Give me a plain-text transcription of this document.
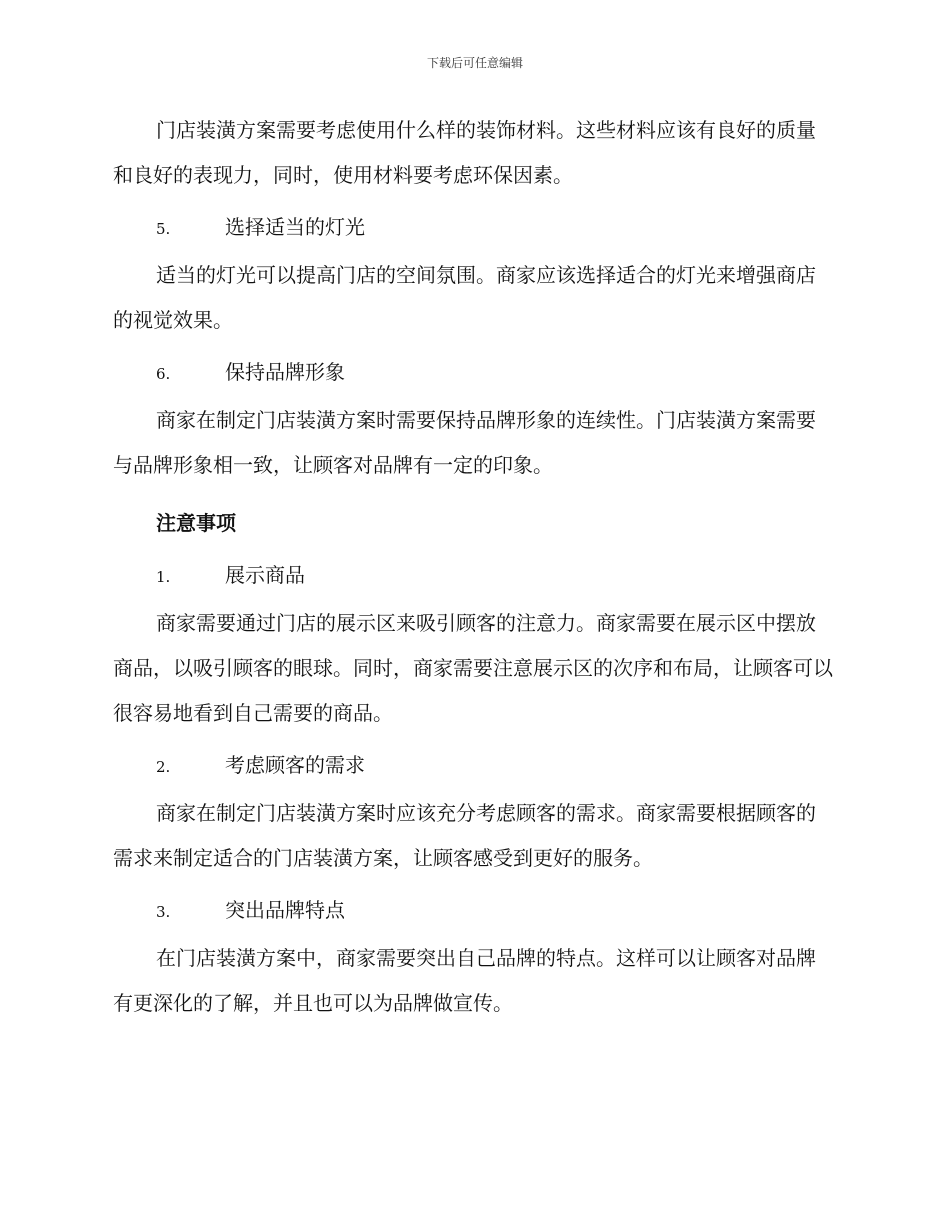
下载后可任意编辑

门店装潢方案需要考虑使用什么样的装饰材料。这些材料应该有良好的质量和良好的表现力，同时，使用材料要考虑环保因素。

5.	选择适当的灯光

适当的灯光可以提高门店的空间氛围。商家应该选择适合的灯光来增强商店的视觉效果。

6.	保持品牌形象

商家在制定门店装潢方案时需要保持品牌形象的连续性。门店装潢方案需要与品牌形象相一致，让顾客对品牌有一定的印象。

注意事项

1.	展示商品

商家需要通过门店的展示区来吸引顾客的注意力。商家需要在展示区中摆放商品，以吸引顾客的眼球。同时，商家需要注意展示区的次序和布局，让顾客可以很容易地看到自己需要的商品。

2.	考虑顾客的需求

商家在制定门店装潢方案时应该充分考虑顾客的需求。商家需要根据顾客的需求来制定适合的门店装潢方案，让顾客感受到更好的服务。

3.	突出品牌特点

在门店装潢方案中，商家需要突出自己品牌的特点。这样可以让顾客对品牌有更深化的了解，并且也可以为品牌做宣传。
